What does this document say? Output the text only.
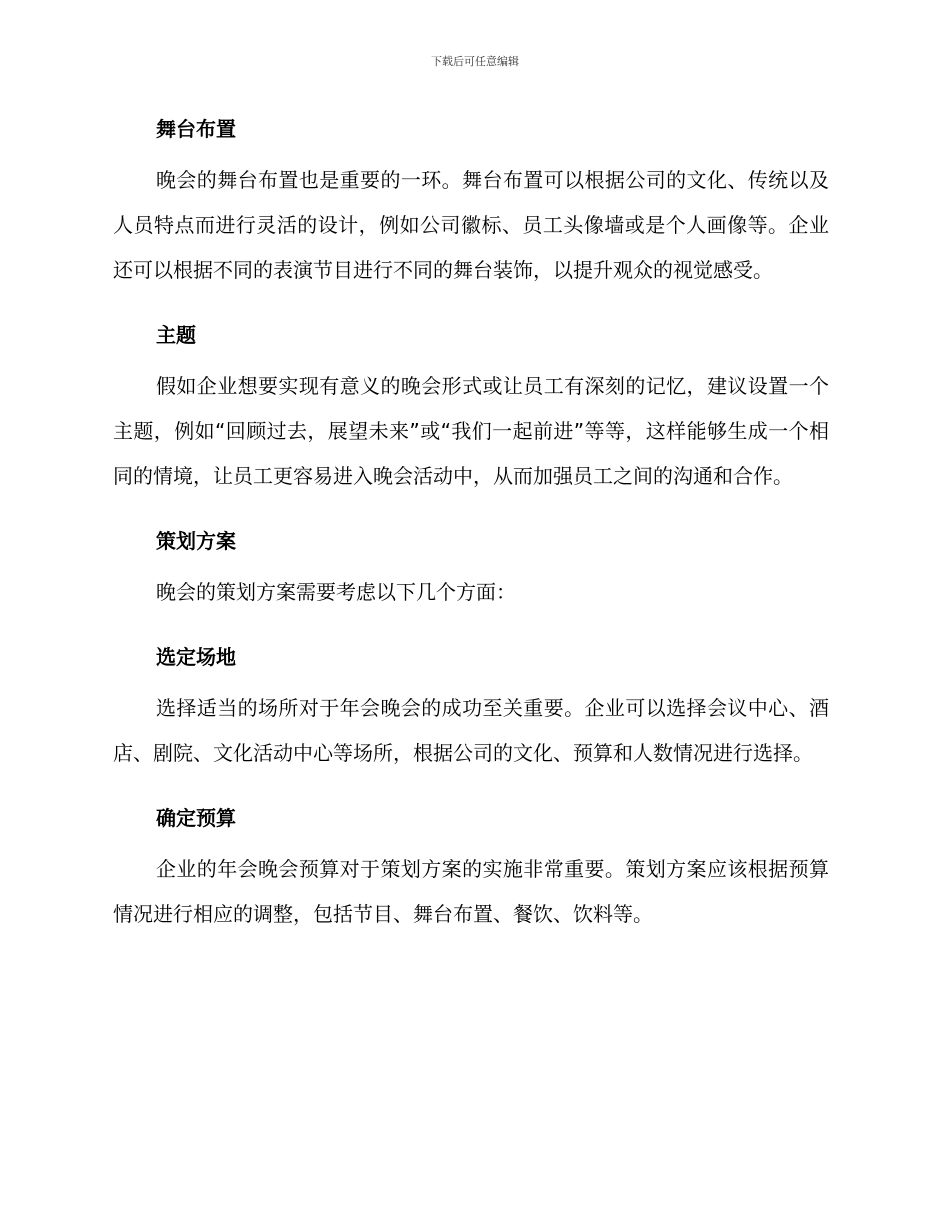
下载后可任意编辑
舞台布置

晚会的舞台布置也是重要的一环。舞台布置可以根据公司的文化、传统以及人员特点而进行灵活的设计，例如公司徽标、员工头像墙或是个人画像等。企业还可以根据不同的表演节目进行不同的舞台装饰，以提升观众的视觉感受。

主题

假如企业想要实现有意义的晚会形式或让员工有深刻的记忆，建议设置一个主题，例如“回顾过去，展望未来”或“我们一起前进”等等，这样能够生成一个相同的情境，让员工更容易进入晚会活动中，从而加强员工之间的沟通和合作。

策划方案

晚会的策划方案需要考虑以下几个方面：

选定场地

选择适当的场所对于年会晚会的成功至关重要。企业可以选择会议中心、酒店、剧院、文化活动中心等场所，根据公司的文化、预算和人数情况进行选择。

确定预算

企业的年会晚会预算对于策划方案的实施非常重要。策划方案应该根据预算情况进行相应的调整，包括节目、舞台布置、餐饮、饮料等。
